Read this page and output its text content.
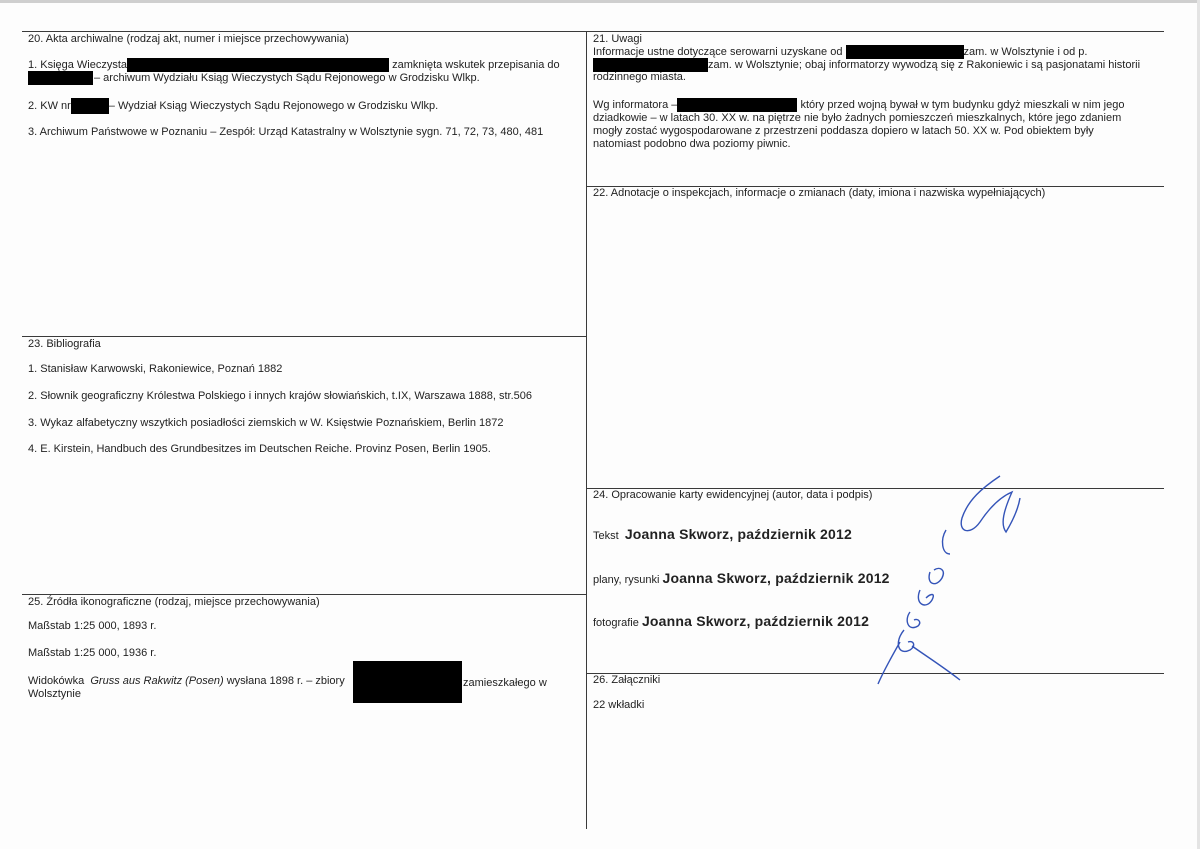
20. Akta archiwalne (rodzaj akt, numer i miejsce przechowywania)
1. Księga Wieczysta	zamknięta wskutek przepisania do
– archiwum Wydziału Ksiąg Wieczystych Sądu Rejonowego w Grodzisku Wlkp.
2. KW nr	– Wydział Ksiąg Wieczystych Sądu Rejonowego w Grodzisku Wlkp.
3. Archiwum Państwowe w Poznaniu – Zespół: Urząd Katastralny w Wolsztynie sygn. 71, 72, 73, 480, 481
21. Uwagi
Informacje ustne dotyczące serowarni uzyskane od	zam. w Wolsztynie i od p.
zam. w Wolsztynie; obaj informatorzy wywodzą się z Rakoniewic i są pasjonatami historii
rodzinnego miasta.
Wg informatora –	który przed wojną bywał w tym budynku gdyż mieszkali w nim jego
dziadkowie – w latach 30. XX w. na piętrze nie było żadnych pomieszczeń mieszkalnych, które jego zdaniem
mogły zostać wygospodarowane z przestrzeni poddasza dopiero w latach 50. XX w. Pod obiektem były
natomiast podobno dwa poziomy piwnic.
22. Adnotacje o inspekcjach, informacje o zmianach (daty, imiona i nazwiska wypełniających)
23. Bibliografia
1. Stanisław Karwowski, Rakoniewice, Poznań 1882
2. Słownik geograficzny Królestwa Polskiego i innych krajów słowiańskich, t.IX, Warszawa 1888, str.506
3. Wykaz alfabetyczny wszytkich posiadłości ziemskich w W. Księstwie Poznańskiem, Berlin 1872
4. E. Kirstein, Handbuch des Grundbesitzes im Deutschen Reiche. Provinz Posen, Berlin 1905.
24. Opracowanie karty ewidencyjnej (autor, data i podpis)
Tekst Joanna Skworz, październik 2012
plany, rysunki Joanna Skworz, październik 2012
fotografie Joanna Skworz, październik 2012
25. Źródła ikonograficzne (rodzaj, miejsce przechowywania)
Maßstab 1:25 000, 1893 r.
Maßstab 1:25 000, 1936 r.
Widokówka Gruss aus Rakwitz (Posen) wysłana 1898 r. – zbiory	zamieszkałego w
Wolsztynie
26. Załączniki
22 wkładki
